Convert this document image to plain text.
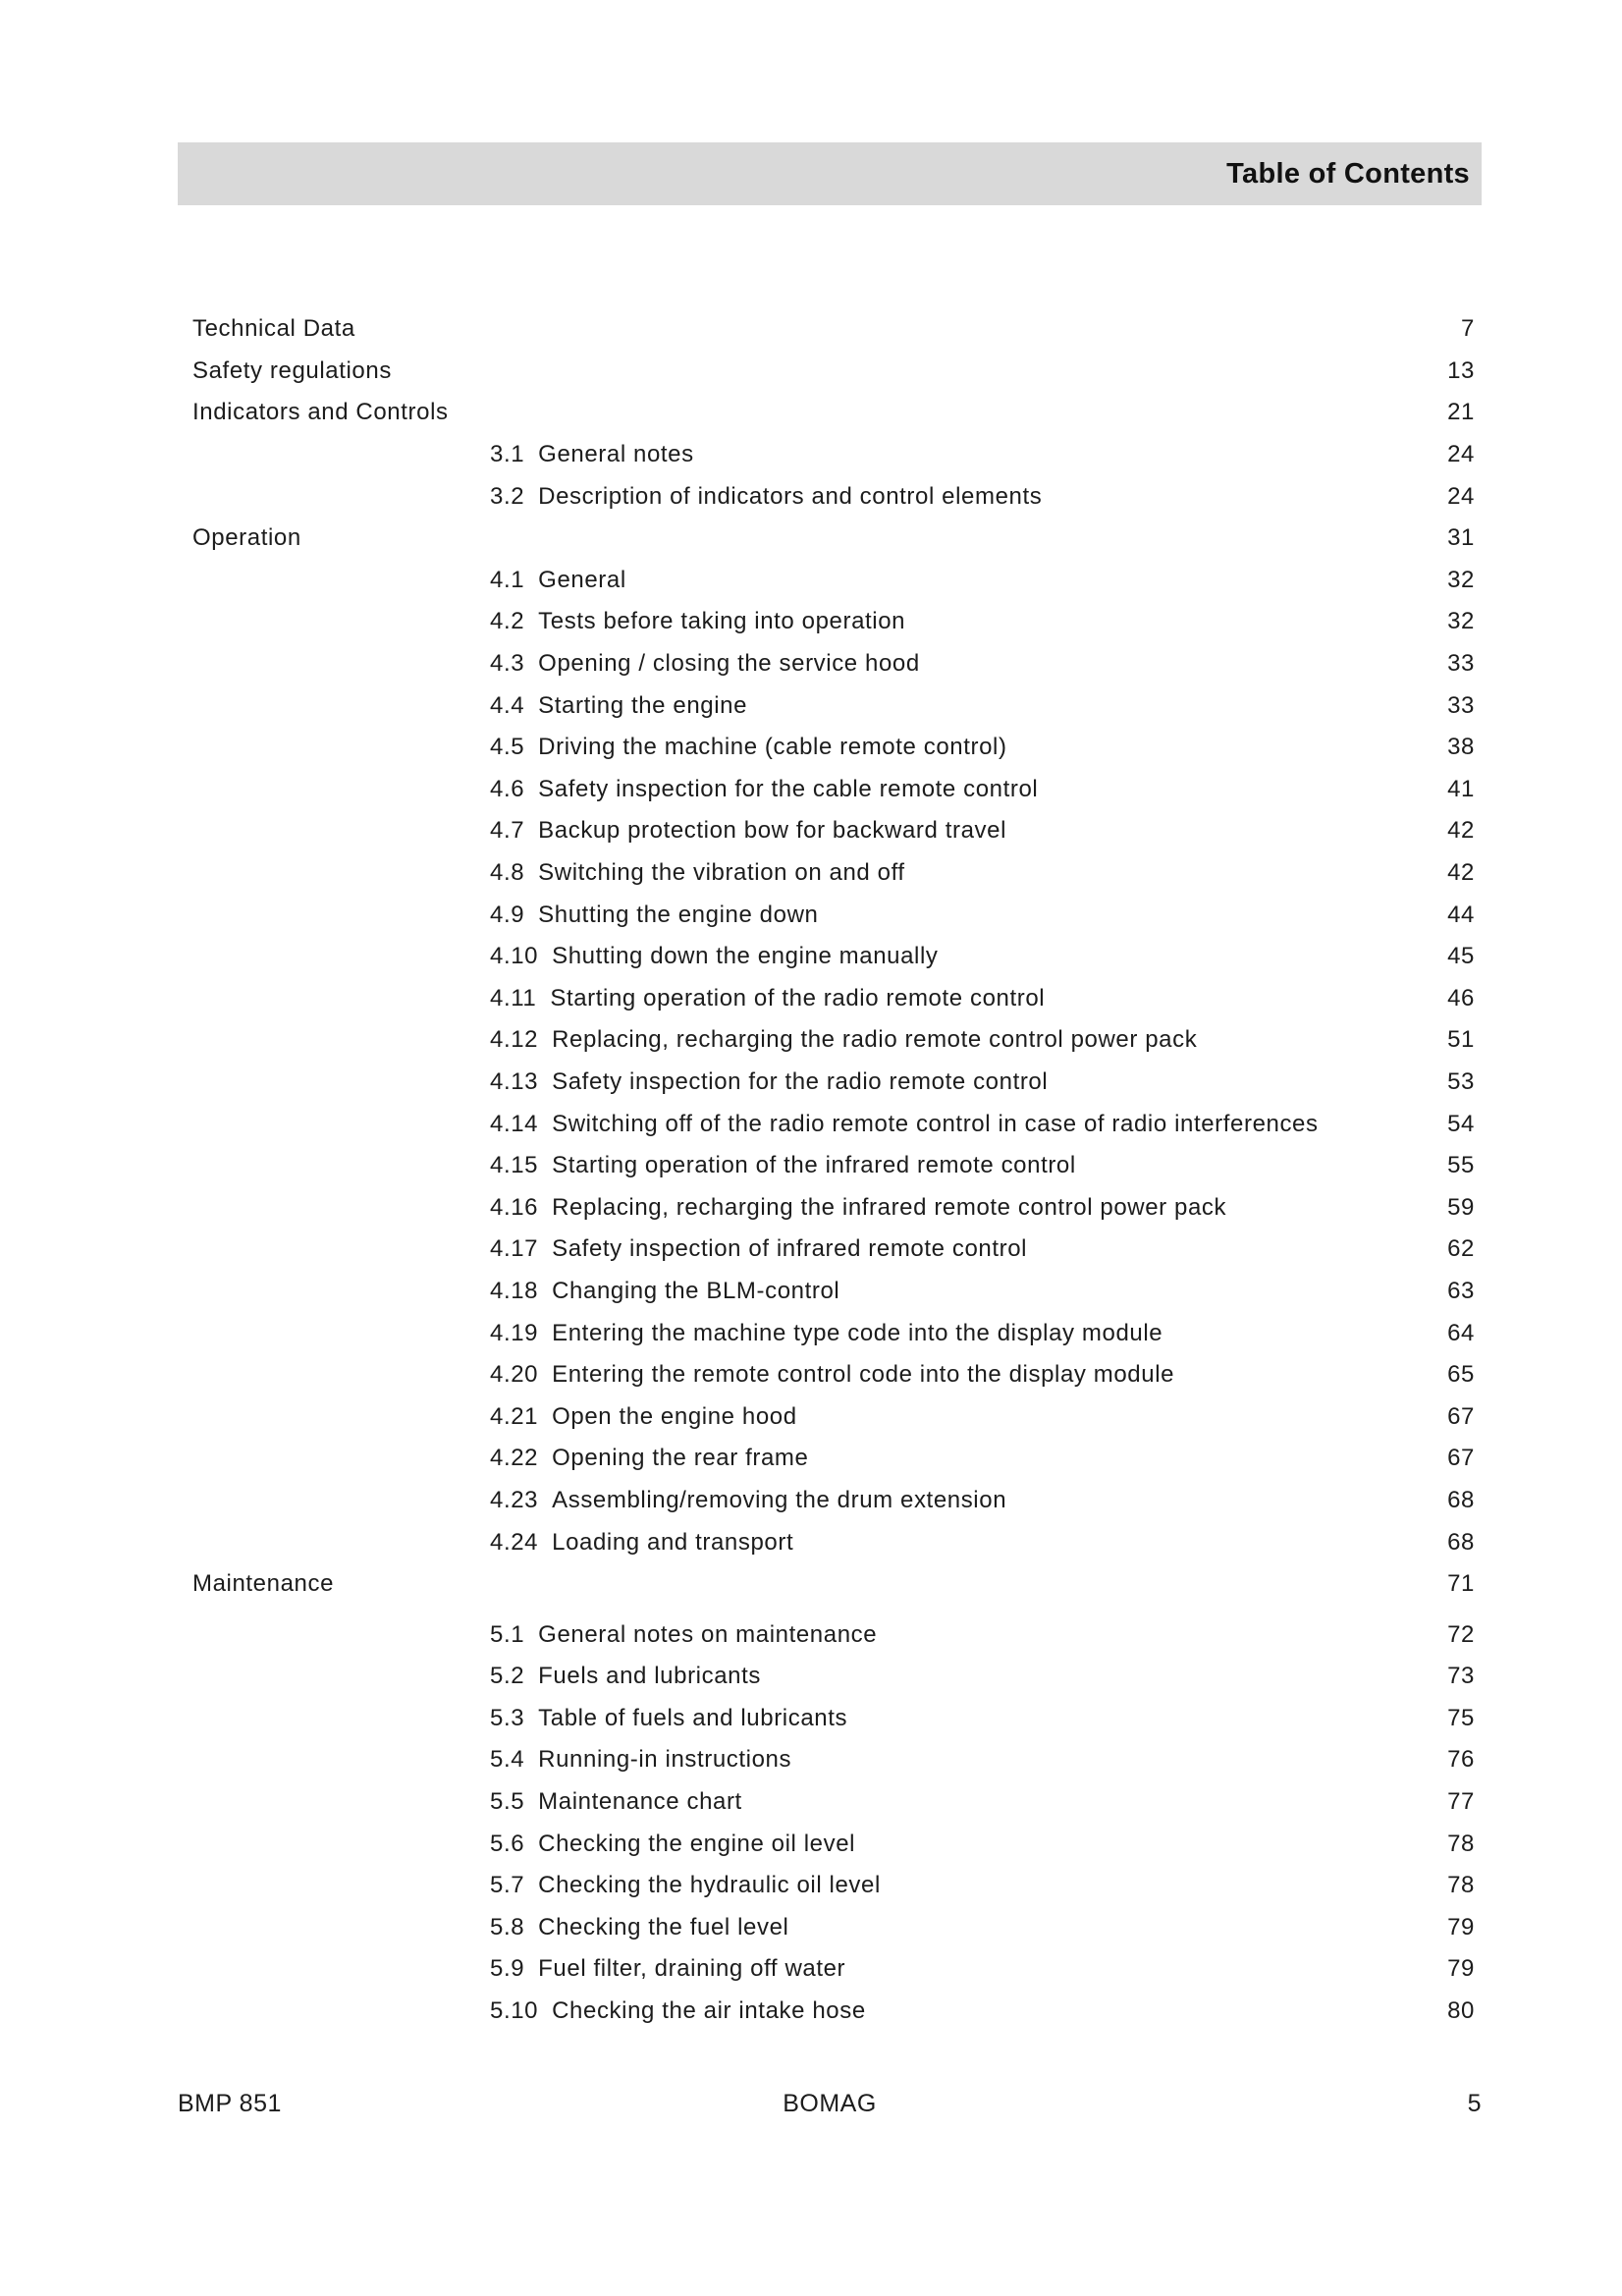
Table of Contents
Technical Data	7
Safety regulations	13
Indicators and Controls	21
3.1 General notes	24
3.2 Description of indicators and control elements	24
Operation	31
4.1 General	32
4.2 Tests before taking into operation	32
4.3 Opening / closing the service hood	33
4.4 Starting the engine	33
4.5 Driving the machine (cable remote control)	38
4.6 Safety inspection for the cable remote control	41
4.7 Backup protection bow for backward travel	42
4.8 Switching the vibration on and off	42
4.9 Shutting the engine down	44
4.10 Shutting down the engine manually	45
4.11 Starting operation of the radio remote control	46
4.12 Replacing, recharging the radio remote control power pack	51
4.13 Safety inspection for the radio remote control	53
4.14 Switching off of the radio remote control in case of radio interferences	54
4.15 Starting operation of the infrared remote control	55
4.16 Replacing, recharging the infrared remote control power pack	59
4.17 Safety inspection of infrared remote control	62
4.18 Changing the BLM-control	63
4.19 Entering the machine type code into the display module	64
4.20 Entering the remote control code into the display module	65
4.21 Open the engine hood	67
4.22 Opening the rear frame	67
4.23 Assembling/removing the drum extension	68
4.24 Loading and transport	68
Maintenance	71
5.1 General notes on maintenance	72
5.2 Fuels and lubricants	73
5.3 Table of fuels and lubricants	75
5.4 Running-in instructions	76
5.5 Maintenance chart	77
5.6 Checking the engine oil level	78
5.7 Checking the hydraulic oil level	78
5.8 Checking the fuel level	79
5.9 Fuel filter, draining off water	79
5.10 Checking the air intake hose	80
BMP 851	BOMAG	5
